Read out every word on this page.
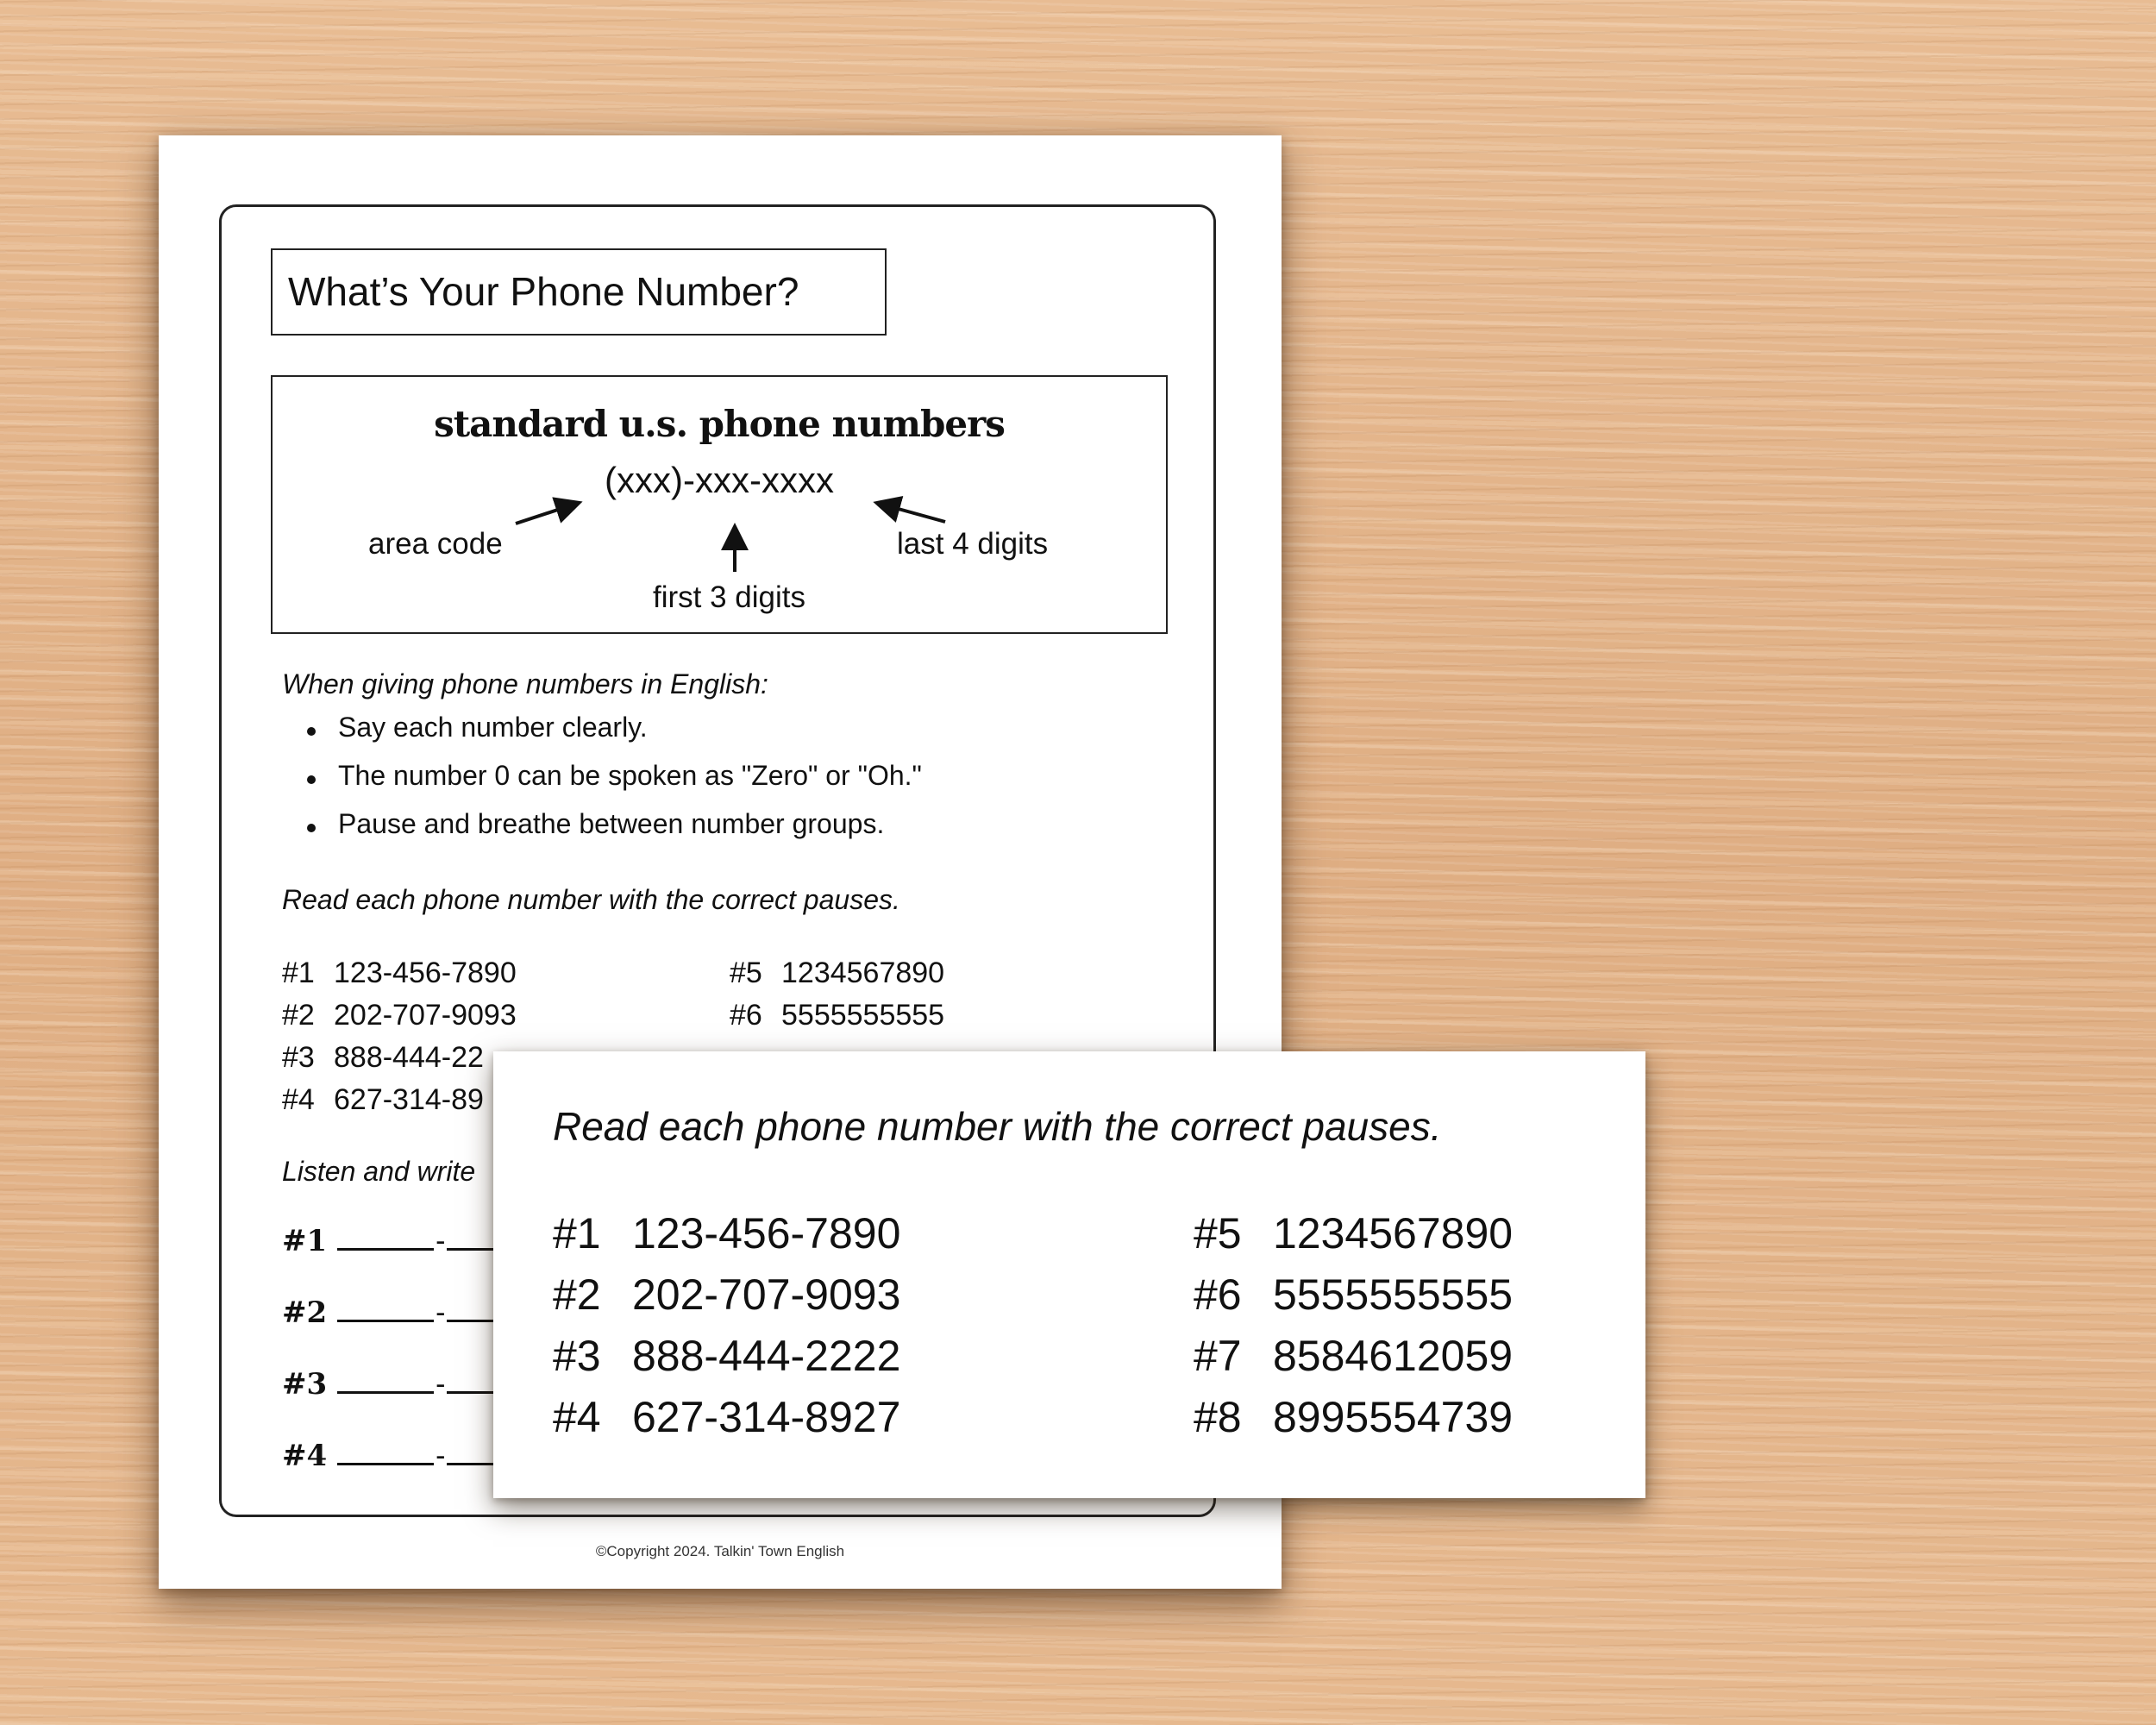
What’s Your Phone Number?
standard u.s. phone numbers
(xxx)-xxx-xxxx
area code
first 3 digits
last 4 digits
When giving phone numbers in English:
Say each number clearly.
The number 0 can be spoken as "Zero" or "Oh."
Pause and breathe between number groups.
Read each phone number with the correct pauses.
#1 123-456-7890
#2 202-707-9093
#3 888-444-22
#4 627-314-89
#5 1234567890
#6 5555555555
Listen and write
#1	-
#2	-
#3	-
#4	-
©Copyright 2024. Talkin' Town English
Read each phone number with the correct pauses.
#1 123-456-7890
#2 202-707-9093
#3 888-444-2222
#4 627-314-8927
#5 1234567890
#6 5555555555
#7 8584612059
#8 8995554739
